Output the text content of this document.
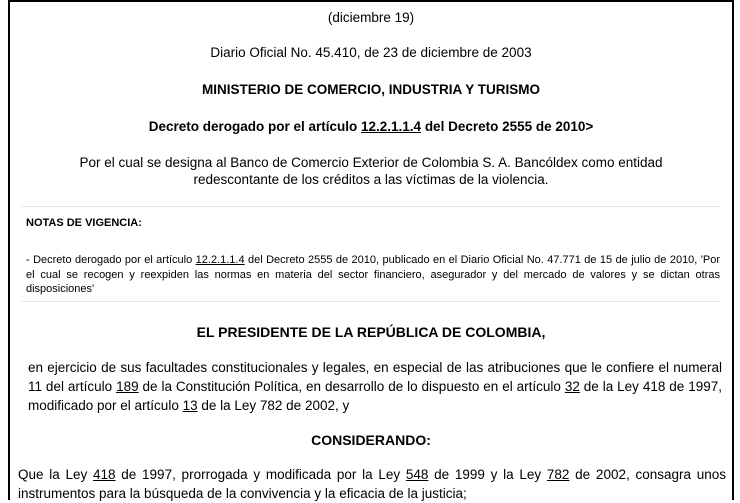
(diciembre 19)
Diario Oficial No. 45.410, de 23 de diciembre de 2003
MINISTERIO DE COMERCIO, INDUSTRIA Y TURISMO
Decreto derogado por el artículo 12.2.1.1.4 del Decreto 2555 de 2010>
Por el cual se designa al Banco de Comercio Exterior de Colombia S. A. Bancóldex como entidad
redescontante de los créditos a las víctimas de la violencia.
NOTAS DE VIGENCIA:
- Decreto derogado por el artículo 12.2.1.1.4 del Decreto 2555 de 2010, publicado en el Diario Oficial No. 47.771 de 15 de julio de 2010, 'Por el cual se recogen y reexpiden las normas en materia del sector financiero, asegurador y del mercado de valores y se dictan otras disposiciones'
EL PRESIDENTE DE LA REPÚBLICA DE COLOMBIA,
en ejercicio de sus facultades constitucionales y legales, en especial de las atribuciones que le confiere el numeral 11 del artículo 189 de la Constitución Política, en desarrollo de lo dispuesto en el artículo 32 de la Ley 418 de 1997, modificado por el artículo 13 de la Ley 782 de 2002, y
CONSIDERANDO:
Que la Ley 418 de 1997, prorrogada y modificada por la Ley 548 de 1999 y la Ley 782 de 2002, consagra unos instrumentos para la búsqueda de la convivencia y la eficacia de la justicia;
